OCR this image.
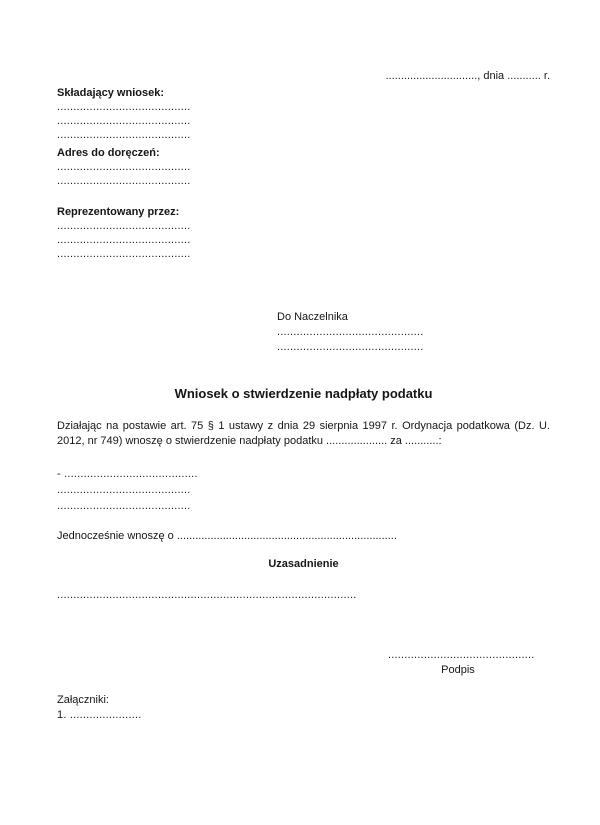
.............................., dnia ........... r.
Składający wniosek:
.........................................
.........................................
.........................................
Adres do doręczeń:
.........................................
.........................................
Reprezentowany przez:
.........................................
.........................................
.........................................
Do Naczelnika
.............................................
.............................................
Wniosek o stwierdzenie nadpłaty podatku
Działając na postawie art. 75 § 1 ustawy z dnia 29 sierpnia 1997 r. Ordynacja podatkowa (Dz. U. 2012, nr 749) wnoszę o stwierdzenie nadpłaty podatku .................... za ...........:
- .........................................
.........................................
.........................................
Jednocześnie wnoszę o ........................................................................
Uzasadnienie
............................................................................................
.............................................
Podpis
Załączniki:
1. ......................
